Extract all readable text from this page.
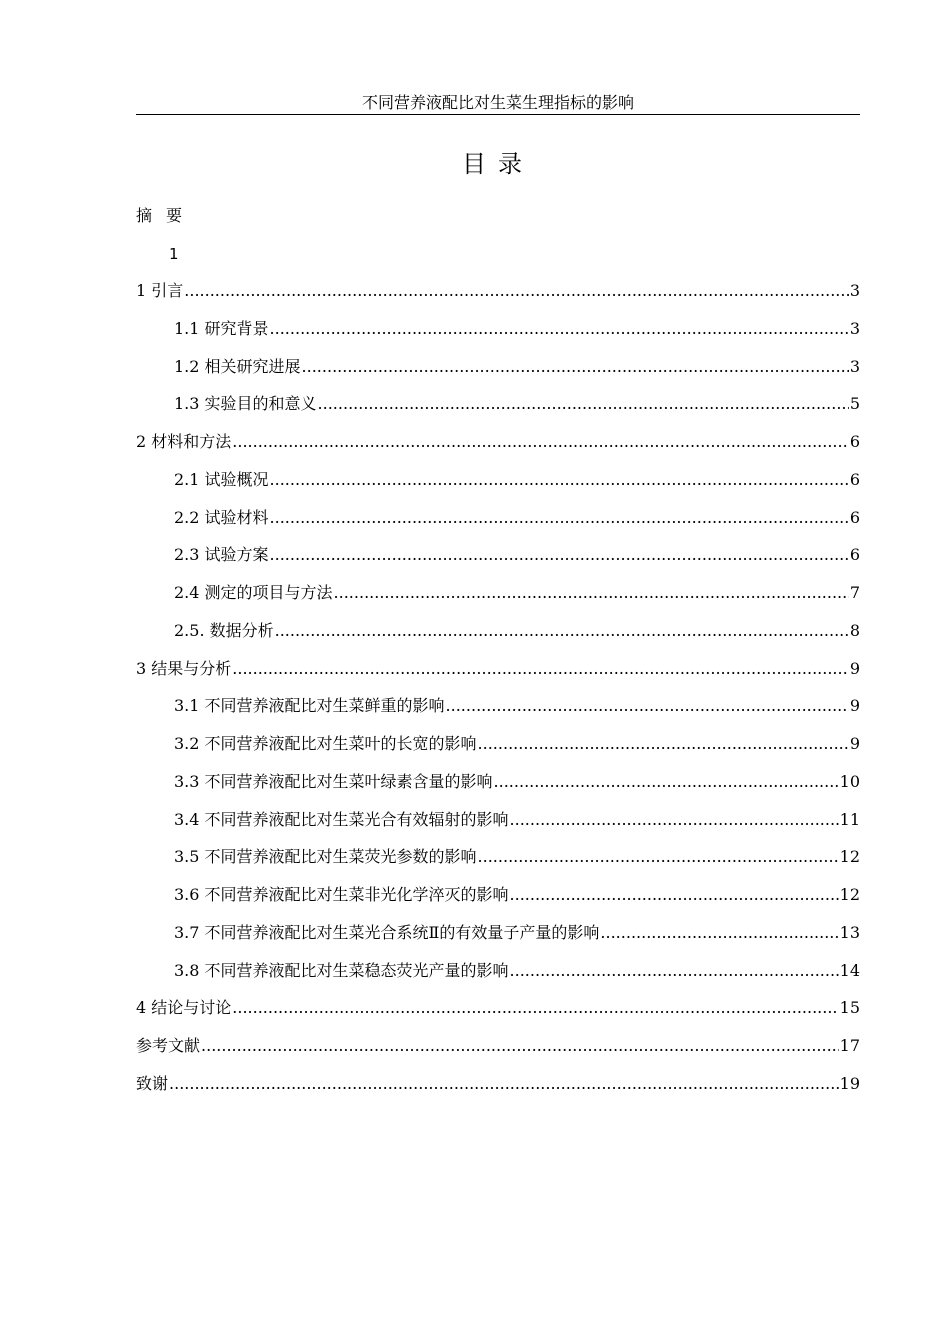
不同营养液配比对生菜生理指标的影响
目录
摘要
1
1 引言 .....	3
1.1 研究背景 .....	3
1.2 相关研究进展 .....	3
1.3 实验目的和意义 .....	5
2 材料和方法 .....	6
2.1 试验概况 .....	6
2.2 试验材料 .....	6
2.3 试验方案 .....	6
2.4 测定的项目与方法 .....	7
2.5. 数据分析 .....	8
3 结果与分析 .....	9
3.1 不同营养液配比对生菜鲜重的影响 .....	9
3.2 不同营养液配比对生菜叶的长宽的影响 .....	9
3.3 不同营养液配比对生菜叶绿素含量的影响 .....	10
3.4 不同营养液配比对生菜光合有效辐射的影响 .....	11
3.5 不同营养液配比对生菜荧光参数的影响 .....	12
3.6 不同营养液配比对生菜非光化学淬灭的影响 .....	12
3.7 不同营养液配比对生菜光合系统Ⅱ的有效量子产量的影响 .....	13
3.8 不同营养液配比对生菜稳态荧光产量的影响 .....	14
4 结论与讨论 .....	15
参考文献 .....	17
致谢 .....	19
